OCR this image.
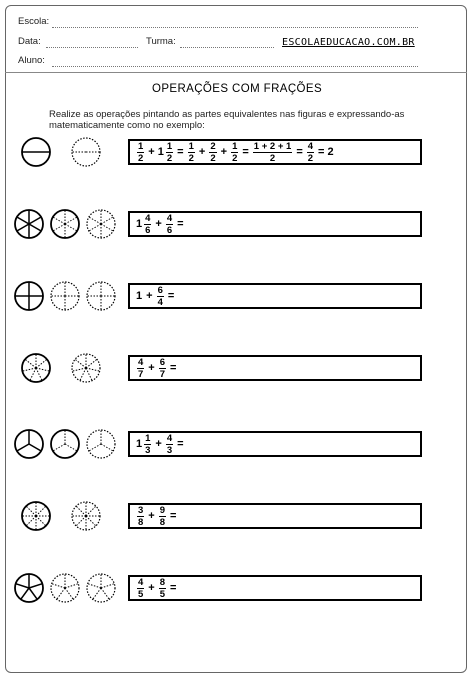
Escola:
Data:	Turma:	ESCOLAEDUCACAO.COM.BR
Aluno:
OPERAÇÕES COM FRAÇÕES
Realize as operações pintando as partes equivalentes nas figuras e expressando-as matematicamente como no exemplo:
$\frac{1}{2} + 1 \frac{1}{2} = \frac{1}{2} + \frac{2}{2} + \frac{1}{2} = \frac{1 + 2 + 1}{2} = \frac{4}{2} = 2$
$1 \frac{4}{6} + \frac{4}{6}$ =
$1 + \frac{6}{4}$ =
$\frac{4}{7} + \frac{6}{7}$ =
$1 \frac{1}{3} + \frac{4}{3}$ =
$\frac{3}{8} + \frac{9}{8}$ =
$\frac{4}{5} + \frac{8}{5}$ =
